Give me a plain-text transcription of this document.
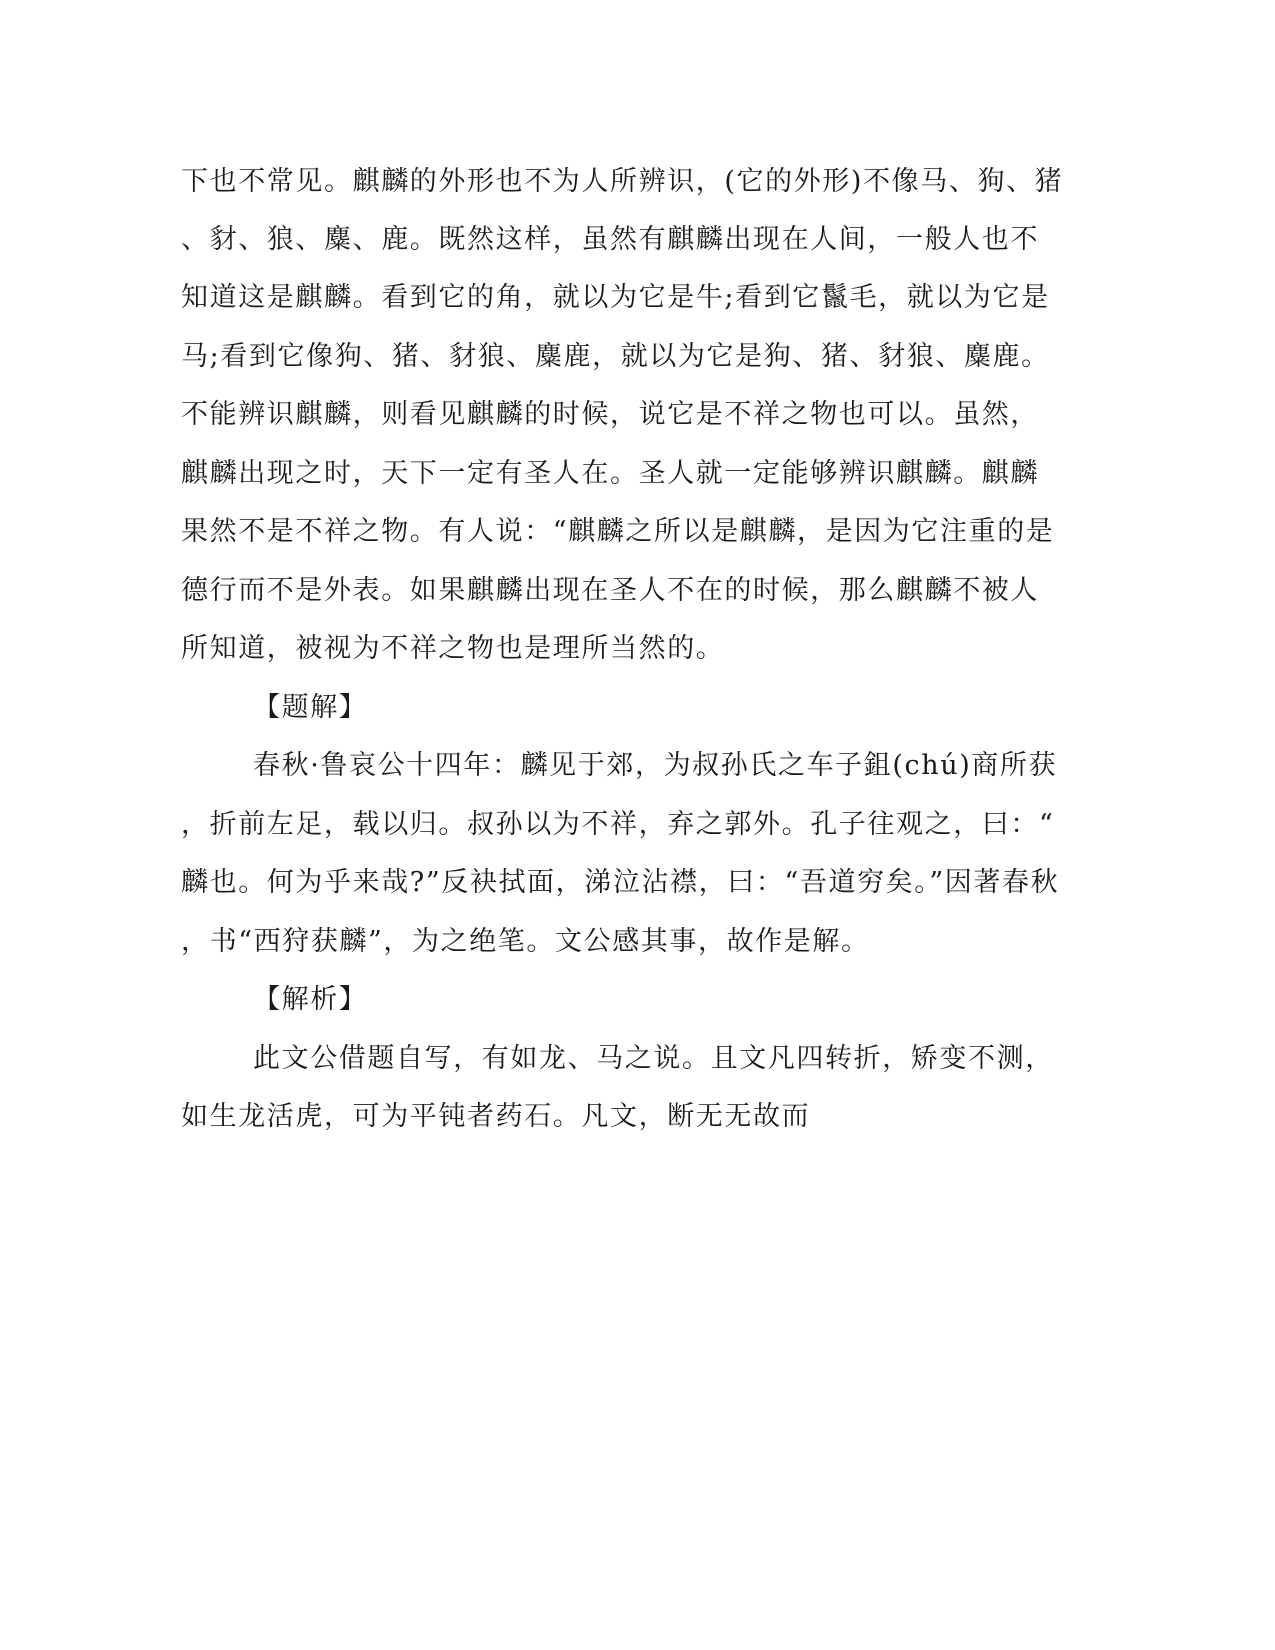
下也不常见。麒麟的外形也不为人所辨识，(它的外形)不像马、狗、猪
、豺、狼、麋、鹿。既然这样，虽然有麒麟出现在人间，一般人也不
知道这是麒麟。看到它的角，就以为它是牛;看到它鬣毛，就以为它是
马;看到它像狗、猪、豺狼、麋鹿，就以为它是狗、猪、豺狼、麋鹿。
不能辨识麒麟，则看见麒麟的时候，说它是不祥之物也可以。虽然，
麒麟出现之时，天下一定有圣人在。圣人就一定能够辨识麒麟。麒麟
果然不是不祥之物。有人说：“麒麟之所以是麒麟，是因为它注重的是
德行而不是外表。如果麒麟出现在圣人不在的时候，那么麒麟不被人
所知道，被视为不祥之物也是理所当然的。
【题解】
春秋·鲁哀公十四年：麟见于郊，为叔孙氏之车子鉏(chú)商所获
，折前左足，载以归。叔孙以为不祥，弃之郭外。孔子往观之，曰：“
麟也。何为乎来哉?”反袂拭面，涕泣沾襟，曰：“吾道穷矣。”因著春秋
，书“西狩获麟”，为之绝笔。文公感其事，故作是解。
【解析】
此文公借题自写，有如龙、马之说。且文凡四转折，矫变不测，
如生龙活虎，可为平钝者药石。凡文，断无无故而
